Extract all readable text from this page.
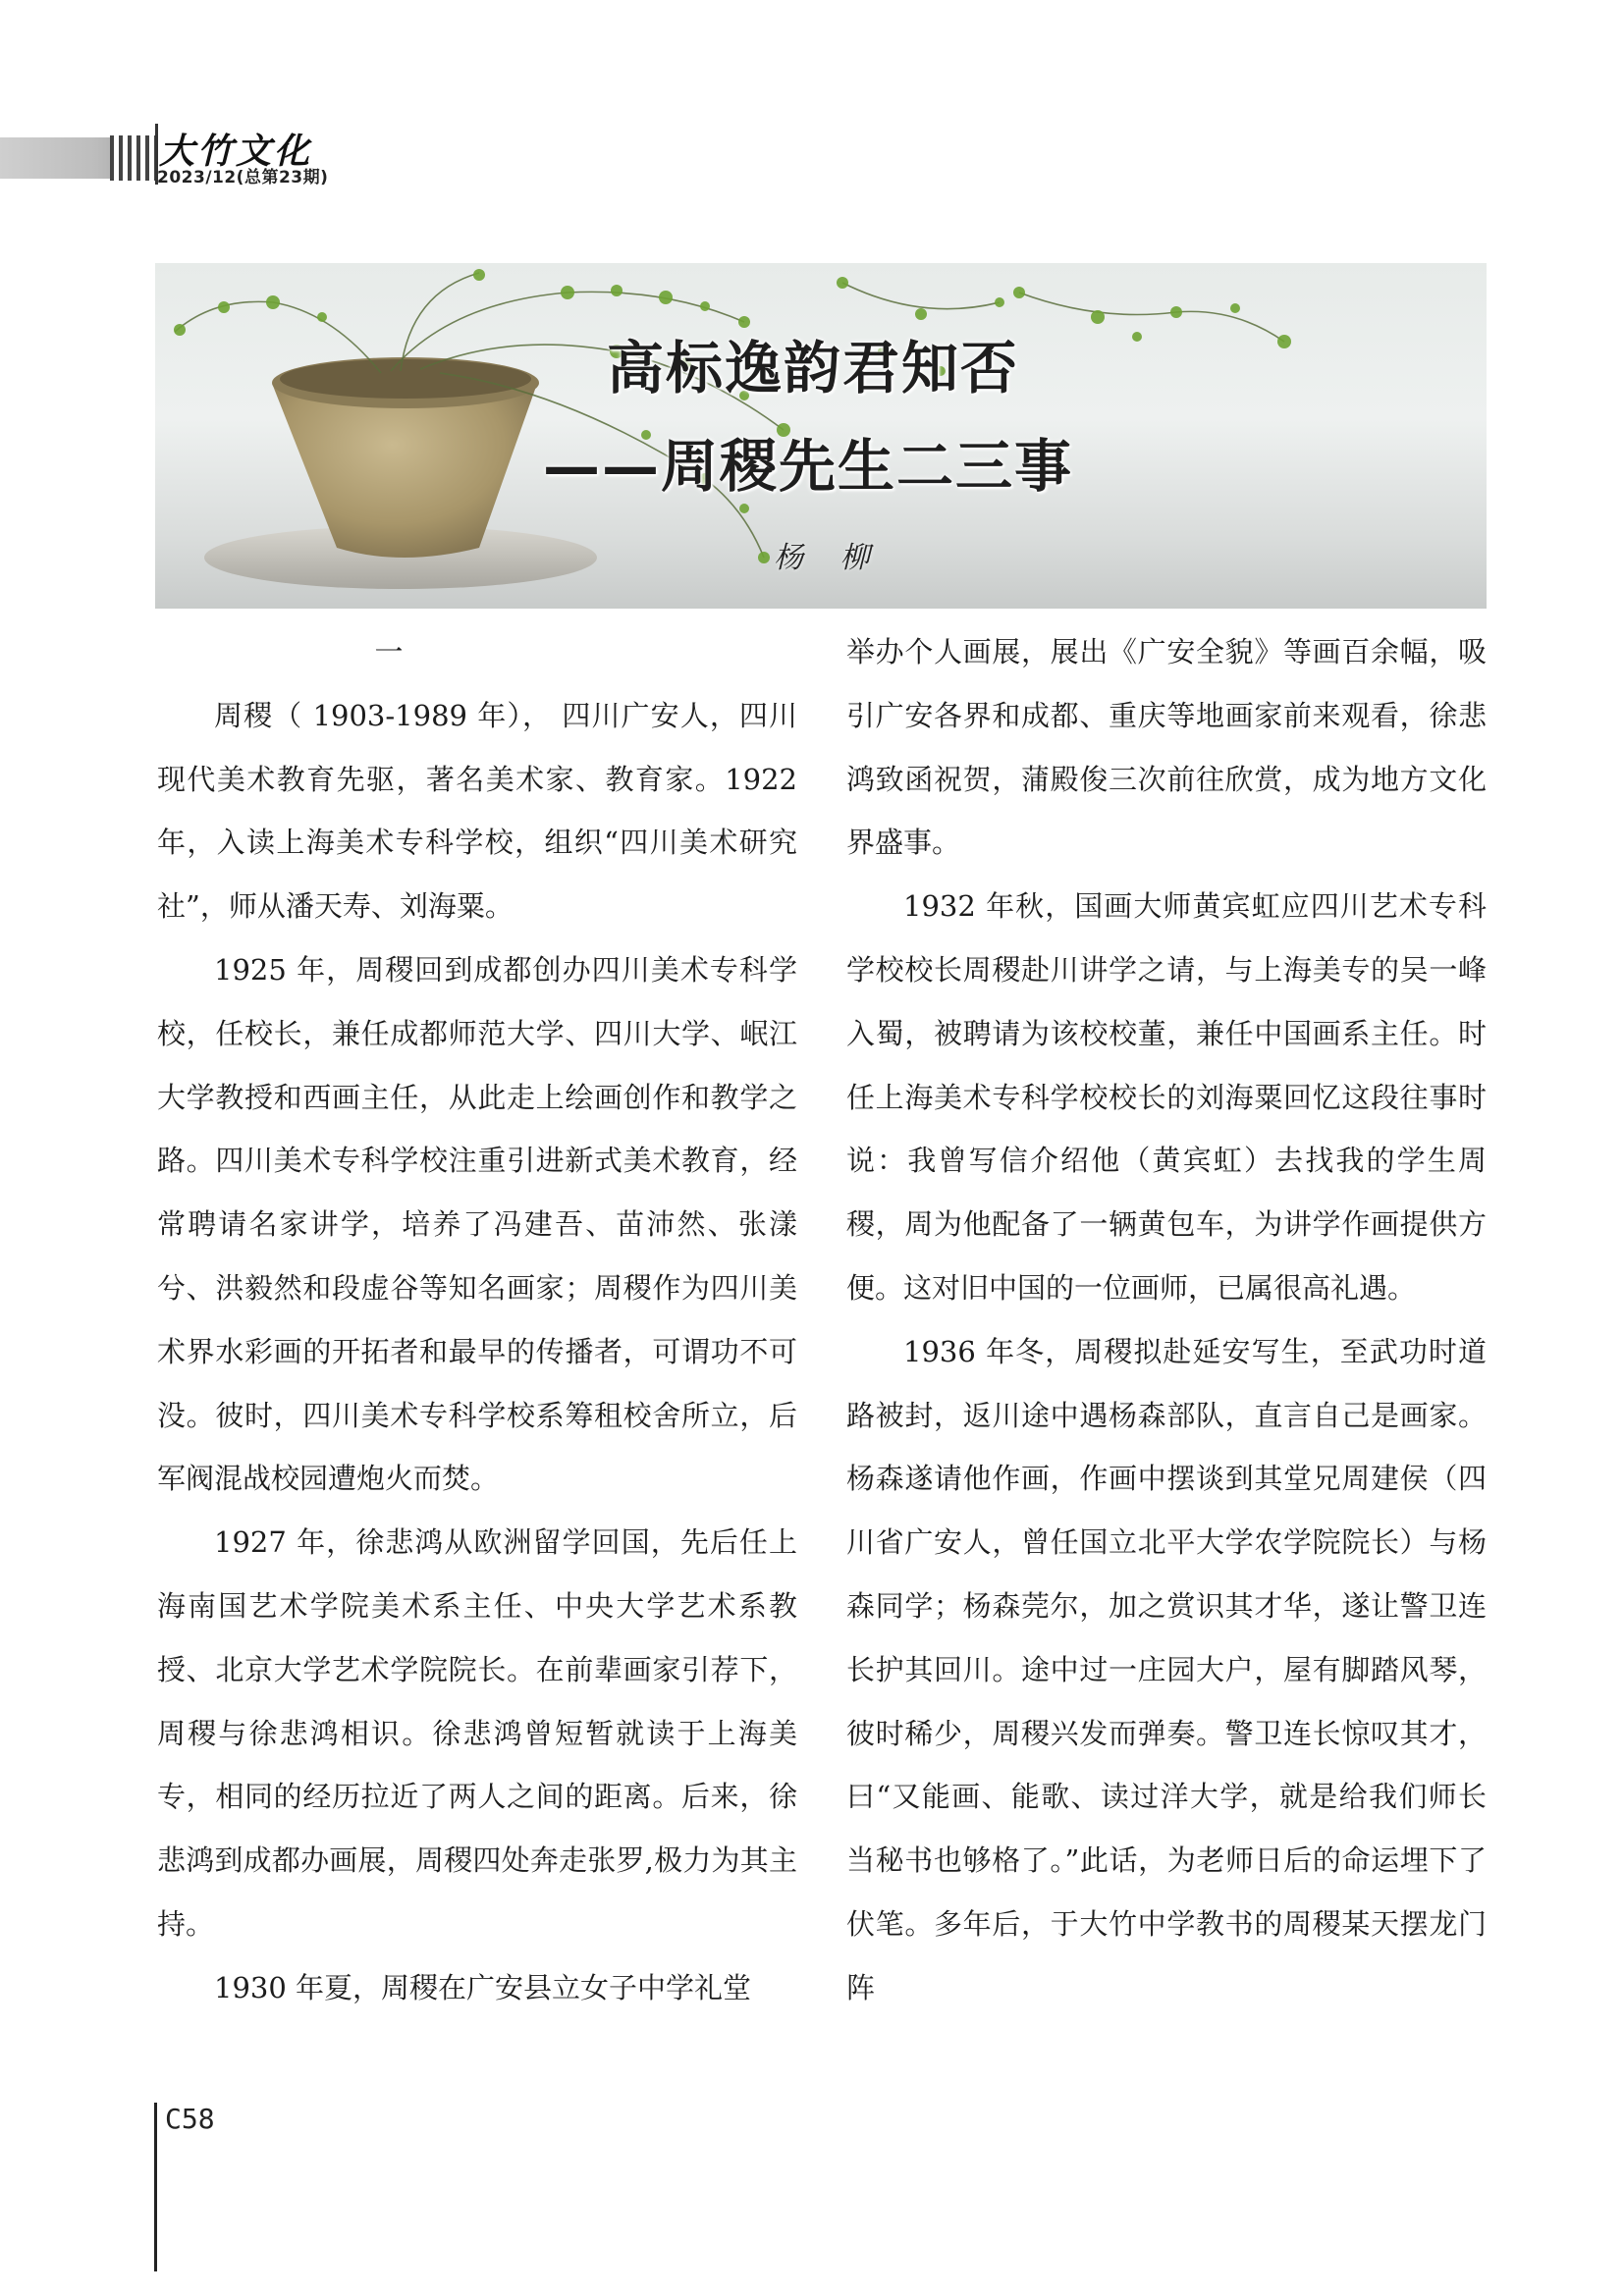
大竹文化
2023/12(总第23期)
高标逸韵君知否
——周稷先生二三事
杨 柳

一

周稷（ 1903-1989 年）， 四川广安人，四川现代美术教育先驱，著名美术家、教育家。1922 年，入读上海美术专科学校，组织“四川美术研究社”，师从潘天寿、刘海粟。

1925 年，周稷回到成都创办四川美术专科学校，任校长，兼任成都师范大学、四川大学、岷江大学教授和西画主任，从此走上绘画创作和教学之路。四川美术专科学校注重引进新式美术教育，经常聘请名家讲学，培养了冯建吾、苗沛然、张漾兮、洪毅然和段虚谷等知名画家；周稷作为四川美术界水彩画的开拓者和最早的传播者，可谓功不可没。彼时，四川美术专科学校系筹租校舍所立，后军阀混战校园遭炮火而焚。

1927 年，徐悲鸿从欧洲留学回国，先后任上海南国艺术学院美术系主任、中央大学艺术系教授、北京大学艺术学院院长。在前辈画家引荐下，周稷与徐悲鸿相识。徐悲鸿曾短暂就读于上海美专，相同的经历拉近了两人之间的距离。后来，徐悲鸿到成都办画展，周稷四处奔走张罗,极力为其主持。

1930 年夏，周稷在广安县立女子中学礼堂

举办个人画展，展出《广安全貌》等画百余幅，吸引广安各界和成都、重庆等地画家前来观看，徐悲鸿致函祝贺，蒲殿俊三次前往欣赏，成为地方文化界盛事。

1932 年秋，国画大师黄宾虹应四川艺术专科学校校长周稷赴川讲学之请，与上海美专的吴一峰入蜀，被聘请为该校校董，兼任中国画系主任。时任上海美术专科学校校长的刘海粟回忆这段往事时说：我曾写信介绍他（黄宾虹）去找我的学生周稷，周为他配备了一辆黄包车，为讲学作画提供方便。这对旧中国的一位画师，已属很高礼遇。

1936 年冬，周稷拟赴延安写生，至武功时道路被封，返川途中遇杨森部队，直言自己是画家。杨森遂请他作画，作画中摆谈到其堂兄周建侯（四川省广安人，曾任国立北平大学农学院院长）与杨森同学；杨森莞尔，加之赏识其才华，遂让警卫连长护其回川。途中过一庄园大户，屋有脚踏风琴，彼时稀少，周稷兴发而弹奏。警卫连长惊叹其才，曰“又能画、能歌、读过洋大学，就是给我们师长当秘书也够格了。”此话，为老师日后的命运埋下了伏笔。多年后，于大竹中学教书的周稷某天摆龙门阵

C58
